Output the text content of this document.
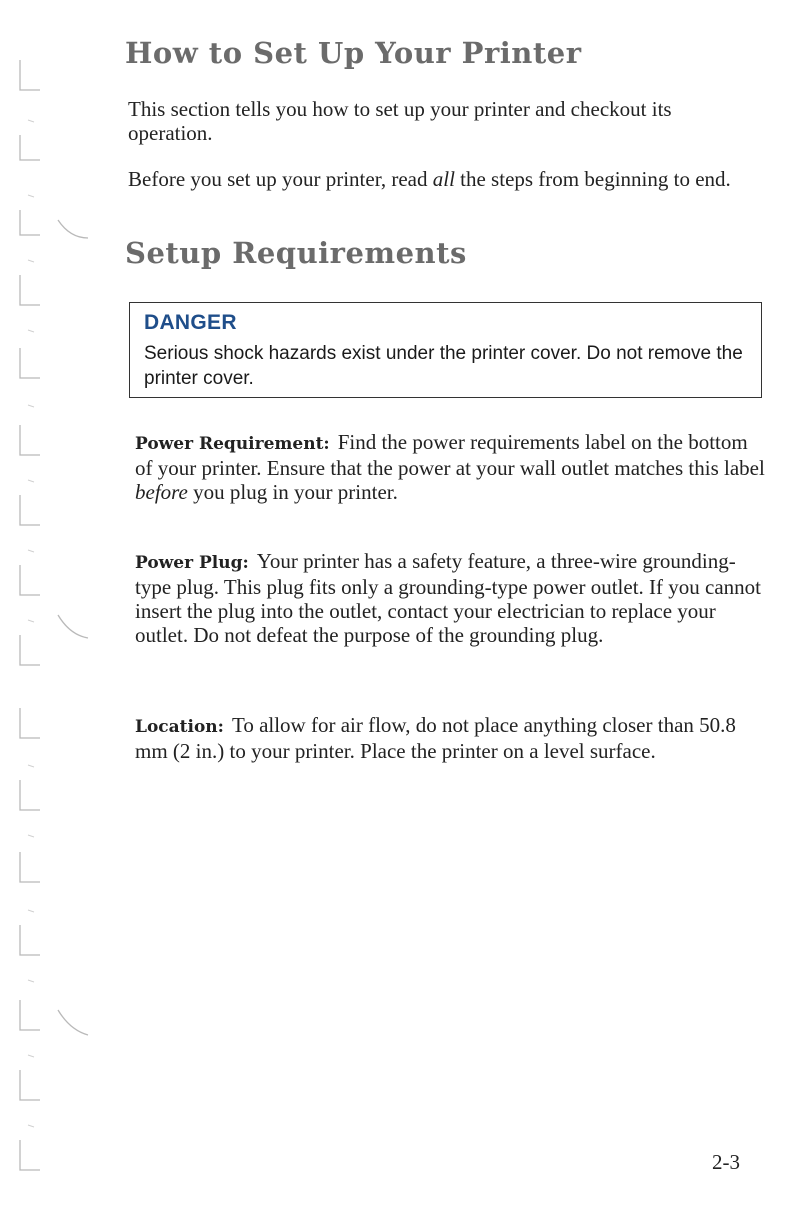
How to Set Up Your Printer

This section tells you how to set up your printer and checkout its operation.

Before you set up your printer, read all the steps from beginning to end.

Setup Requirements
DANGER
Serious shock hazards exist under the printer cover. Do not remove the printer cover.

Power Requirement: Find the power requirements label on the bottom of your printer. Ensure that the power at your wall outlet matches this label before you plug in your printer.

Power Plug: Your printer has a safety feature, a three-wire grounding-type plug. This plug fits only a grounding-type power outlet. If you cannot insert the plug into the outlet, contact your electrician to replace your outlet. Do not defeat the purpose of the grounding plug.

Location: To allow for air flow, do not place anything closer than 50.8 mm (2 in.) to your printer. Place the printer on a level surface.

2-3
